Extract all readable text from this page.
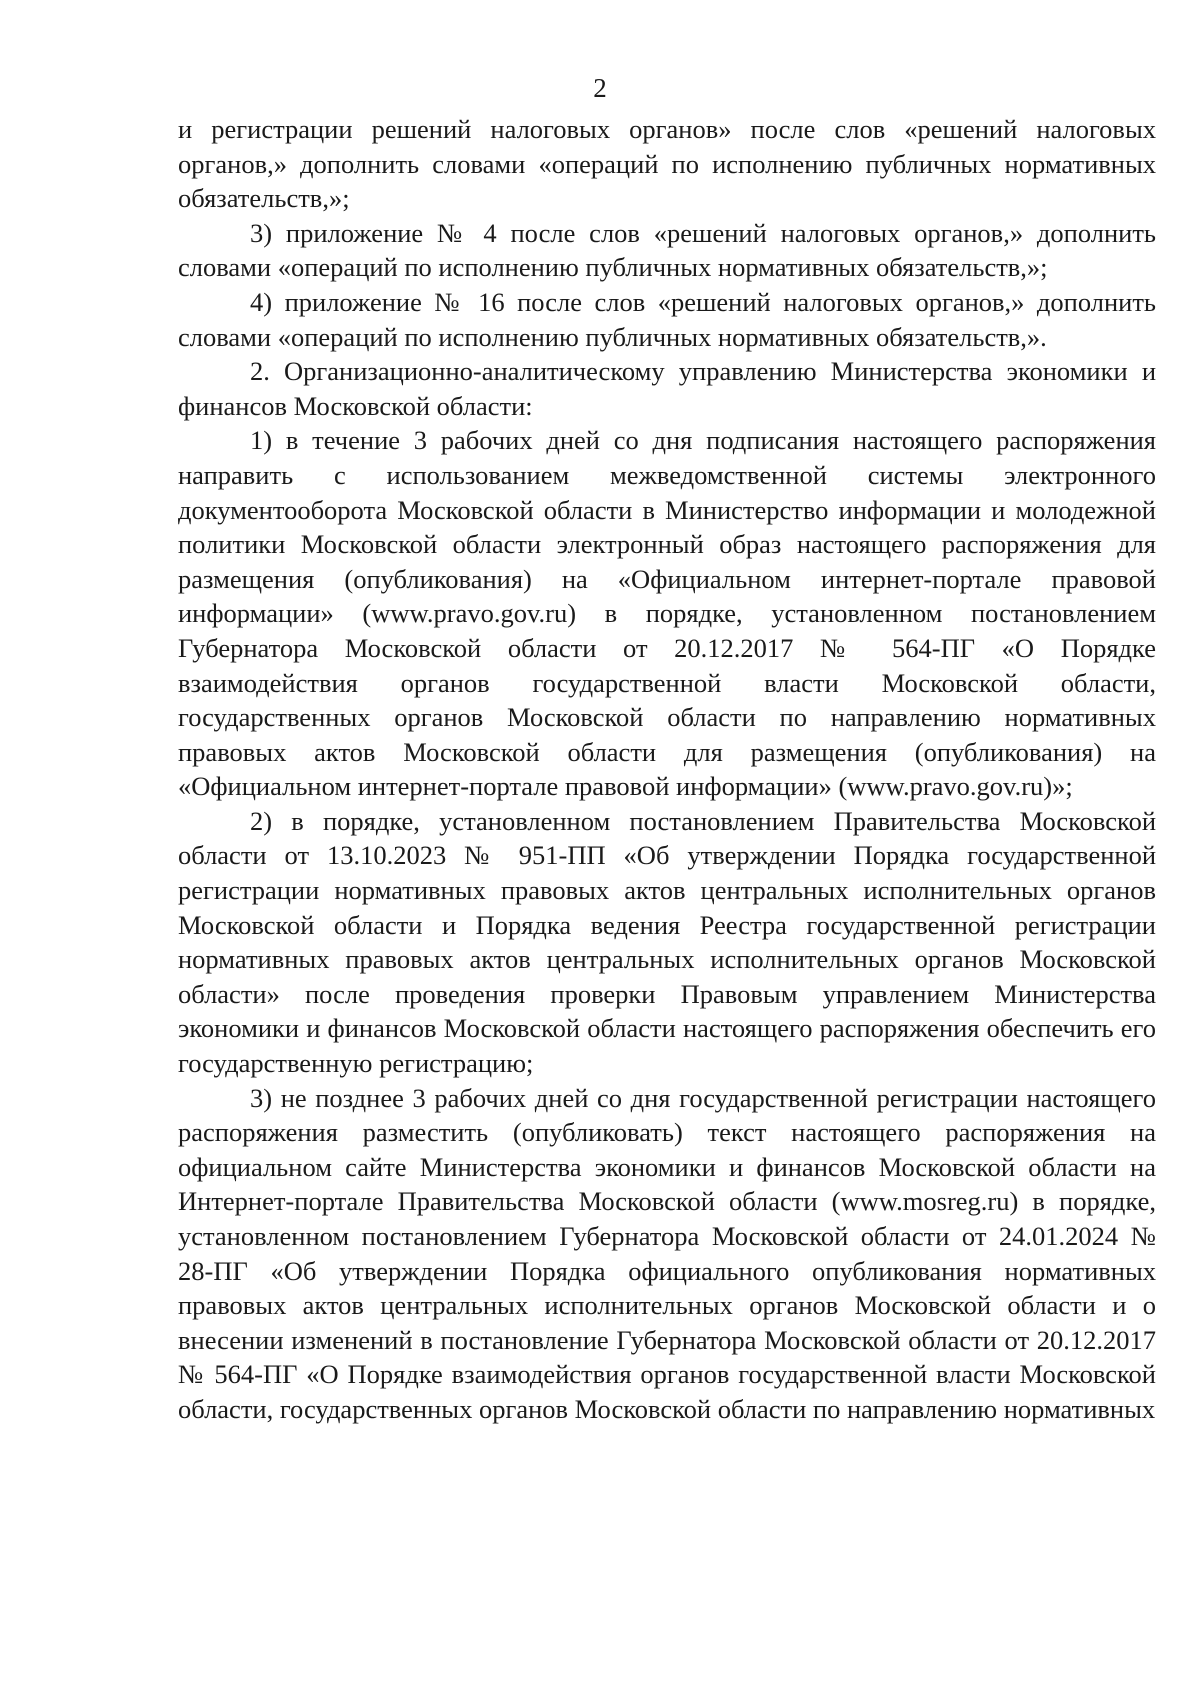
2

и регистрации решений налоговых органов» после слов «решений налоговых органов,» дополнить словами «операций по исполнению публичных нормативных обязательств,»;

3) приложение № 4 после слов «решений налоговых органов,» дополнить словами «операций по исполнению публичных нормативных обязательств,»;

4) приложение № 16 после слов «решений налоговых органов,» дополнить словами «операций по исполнению публичных нормативных обязательств,».

2. Организационно-аналитическому управлению Министерства экономики и финансов Московской области:

1) в течение 3 рабочих дней со дня подписания настоящего распоряжения направить с использованием межведомственной системы электронного документооборота Московской области в Министерство информации и молодежной политики Московской области электронный образ настоящего распоряжения для размещения (опубликования) на «Официальном интернет-портале правовой информации» (www.pravo.gov.ru) в порядке, установленном постановлением Губернатора Московской области от 20.12.2017 № 564-ПГ «О Порядке взаимодействия органов государственной власти Московской области, государственных органов Московской области по направлению нормативных правовых актов Московской области для размещения (опубликования) на «Официальном интернет-портале правовой информации» (www.pravo.gov.ru)»;

2) в порядке, установленном постановлением Правительства Московской области от 13.10.2023 № 951-ПП «Об утверждении Порядка государственной регистрации нормативных правовых актов центральных исполнительных органов Московской области и Порядка ведения Реестра государственной регистрации нормативных правовых актов центральных исполнительных органов Московской области» после проведения проверки Правовым управлением Министерства экономики и финансов Московской области настоящего распоряжения обеспечить его государственную регистрацию;

3) не позднее 3 рабочих дней со дня государственной регистрации настоящего распоряжения разместить (опубликовать) текст настоящего распоряжения на официальном сайте Министерства экономики и финансов Московской области на Интернет-портале Правительства Московской области (www.mosreg.ru) в порядке, установленном постановлением Губернатора Московской области от 24.01.2024 № 28-ПГ «Об утверждении Порядка официального опубликования нормативных правовых актов центральных исполнительных органов Московской области и о внесении изменений в постановление Губернатора Московской области от 20.12.2017 № 564-ПГ «О Порядке взаимодействия органов государственной власти Московской области, государственных органов Московской области по направлению нормативных
